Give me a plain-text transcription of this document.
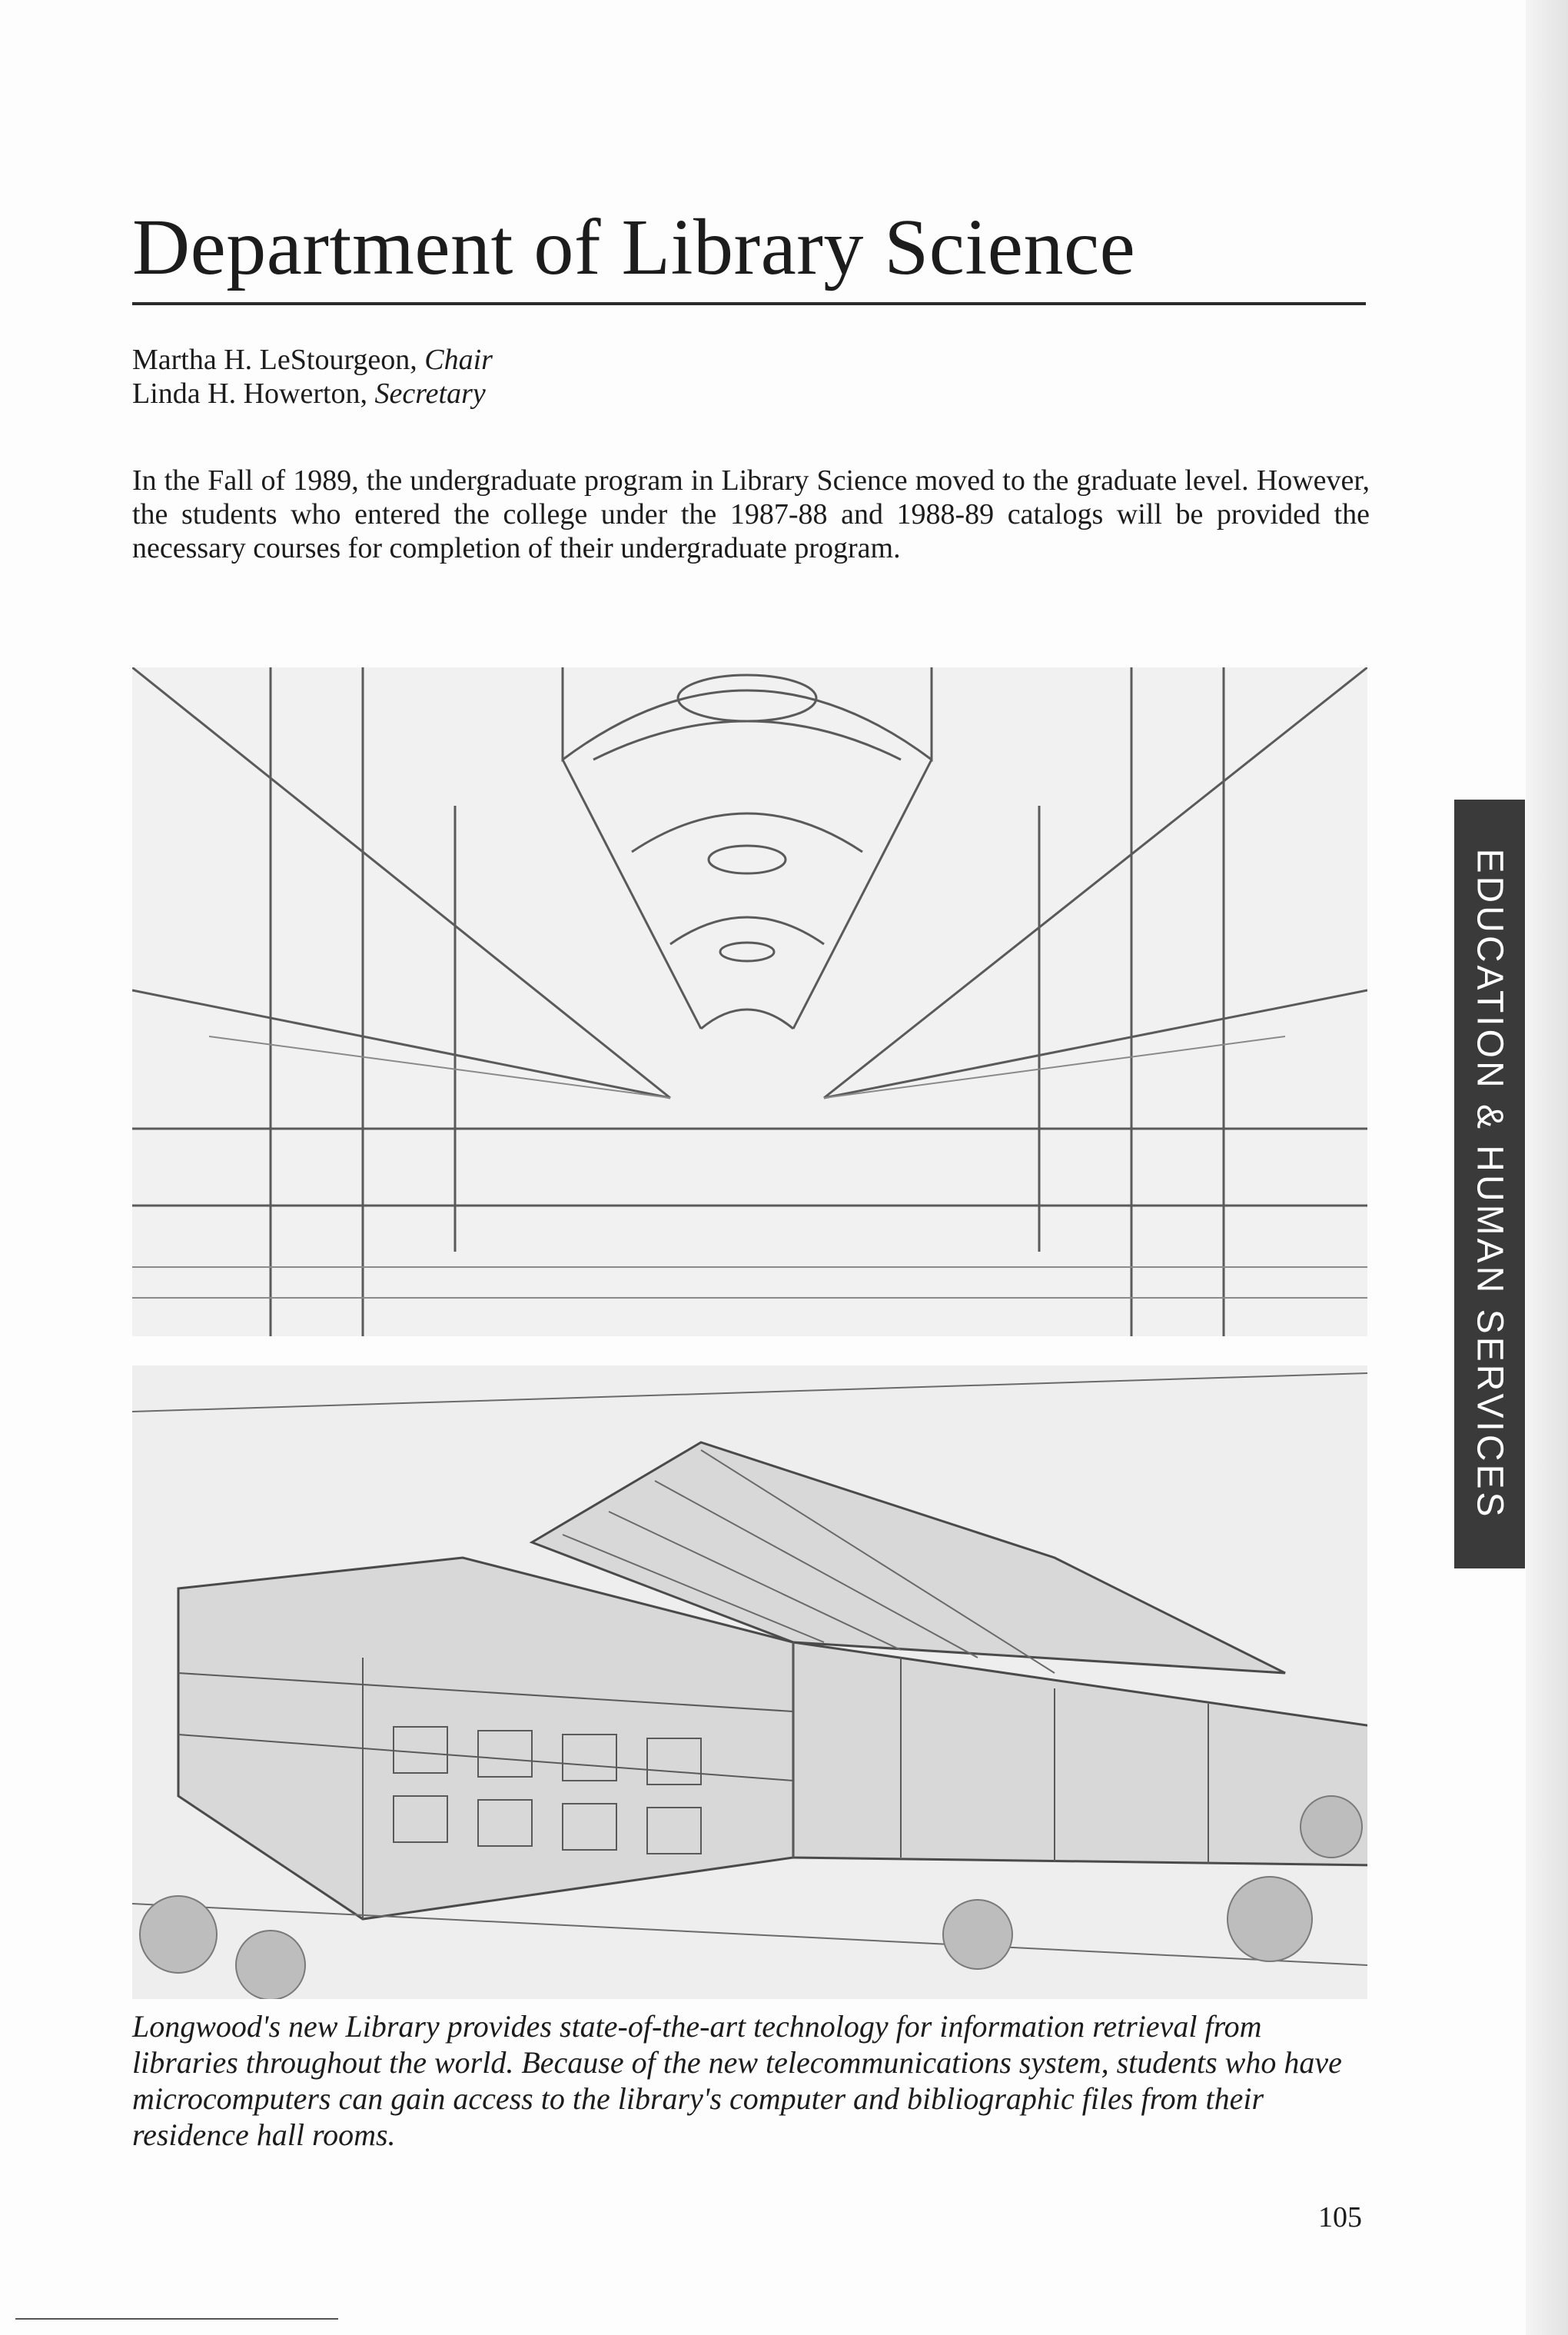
Department of Library Science
Martha H. LeStourgeon, Chair
Linda H. Howerton, Secretary

In the Fall of 1989, the undergraduate program in Library Science moved to the graduate level. However, the students who entered the college under the 1987-88 and 1988-89 catalogs will be provided the necessary courses for completion of their undergraduate program.

Longwood's new Library provides state-of-the-art technology for information retrieval from libraries throughout the world. Because of the new telecommunications system, students who have microcomputers can gain access to the library's computer and bibliographic files from their residence hall rooms.

105
EDUCATION & HUMAN SERVICES
